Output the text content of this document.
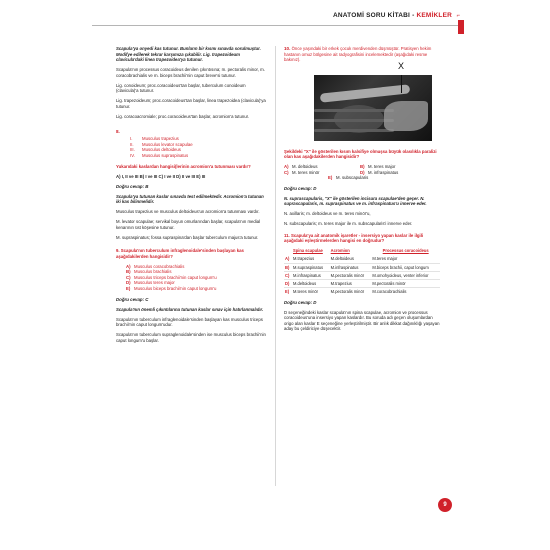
ANATOMİ SORU KİTABI - KEMİKLER ⌐

Scapula'ya onyedi kas tutunur. Bunların bir kısmı sınavda sorulmuştur. Modifye edilerek tekrar karşımıza çıkabilir. Lig. trapezoideum clavicula'daki linea trapezoidea'ya tutunur.

Scapula'nın processus coracoideus denilen çıkıntısına; m. pectoralis minor, m. coracobrachialis ve m. biceps brachii'nin caput breve'si tutunur.

Lig. conoideum; proc.coracoideus'tan başlar, tuberculum conoideum (clavicula)'a tutunur.

Lig. trapezoideum; proc.coracoideus'tan başlar, linea trapezoidea (clavicula)'ya tutunur.

Lig. coracoacromiale; proc.coracoideus'tan başlar, acromion'a tutunur.

8.
I.	Musculus trapezius
II.	Musculus levator scapulae
III.	Musculus deltoideus
IV.	Musculus supraspinatus

Yukarıdaki kaslardan hangisi(lerinin acromion'a tutunması vardır?

A) I, II ve III B) I ve III C) I ve II D) II ve III E) III
Doğru cevap: B

Scapula'ya tutunan kaslar sınavda test edilmektedir. Acromion'a tutunan iki kas bilinmelidir.

Musculus trapezius ve musculus deltoideus'un acromion'a tutunması vardır.

M. levator scapulae; servikal boyun omurlarından başlar, scapula'nın medial kenarının üst köşesine tutunur.

M. supraspinatus; fossa supraspina'dan başlar tuberculum majus'a tutunur.

9. Scapula'nın tuberculum infraglenoidale'sinden başlayan kas aşağıdakilerden hangisidir?

A) Musculus coracobrachialis
B) Musculus brachialis
C) Musculus triceps brachii'nin caput longum'u
D) Musculus teres major
E) Musculus biceps brachii'nin caput longum'u
Doğru cevap: C

Scapula'nın önemli çıkıntılarına tutunan kaslar sınav için hatırlanmalıdır.

Scapula'nın tuberculum infraglenoidale'sinden başlayan kas musculus triceps brachii'nin caput longum'udur.

Scapula'nın tuberculum supraglenoidale'sinden ise musculus biceps brachii'nin caput longum'u başlar.

10. Önce yaşındaki bir erkek çocuk merdivenden düşmüştür. Pratisyen hekim hastanın omuz bölgesine ait radyografisini incelemektedir (aşağıdaki resme bakınız).

X

Şekildeki "X" ile gösterilen kısım kalsifiye olmuşsa büyük olasılıkla paralizi olan kas aşağıdakilerden hangisidir?

A) M. deltoideus	B) M. teres major
C) M. teres minör	D) M. infraspinatus
E) M. subscapularis
Doğru cevap: D

N. suprascapularis, "X" ile gösterilen incisura scapulae'den geçer. N. suprascapularis, m. supraspinatus ve m. infraspinatus'u innerve eder.

N. axillaris; m. deltoideus ve m. teres minör'u,

N. subscapularis; m. teres major ile m. subscapularis'i innerve eder.

11. Scapula'ya ait anatomik işaretler - insersiyo yapan kaslar ile ilgili aşağıdaki eşleştirmelerden hangisi en doğrudur?

	Spina scapulae	Acromion	Processus coracoideus
A)	M.trapezius	M.deltoideus	M.teres major
B)	M.supraspinatus	M.infraspinatus	M.biceps brachii, caput longum
C)	M.infraspinatus	M.pectoralis minör	M.omohyoideus, venter inferior
D)	M.deltoideus	M.trapezius	M.pectoralis minör
E)	M.teres minör	M.pectoralis minör	M.coracobrachialis
Doğru cevap: D

D seçeneğindeki kaslar scapula'nın spina scapulae, acromion ve processus coracoideus'una insersiyo yapan kaslardır. Bu soruda adı geçen oluşumlardan origo alan kaslar E seçeneğine yerleştirilmiştir. Bir anlık dikkat dağınıklığı yaşayan aday bu çeldiriciye düşecektir.

9
